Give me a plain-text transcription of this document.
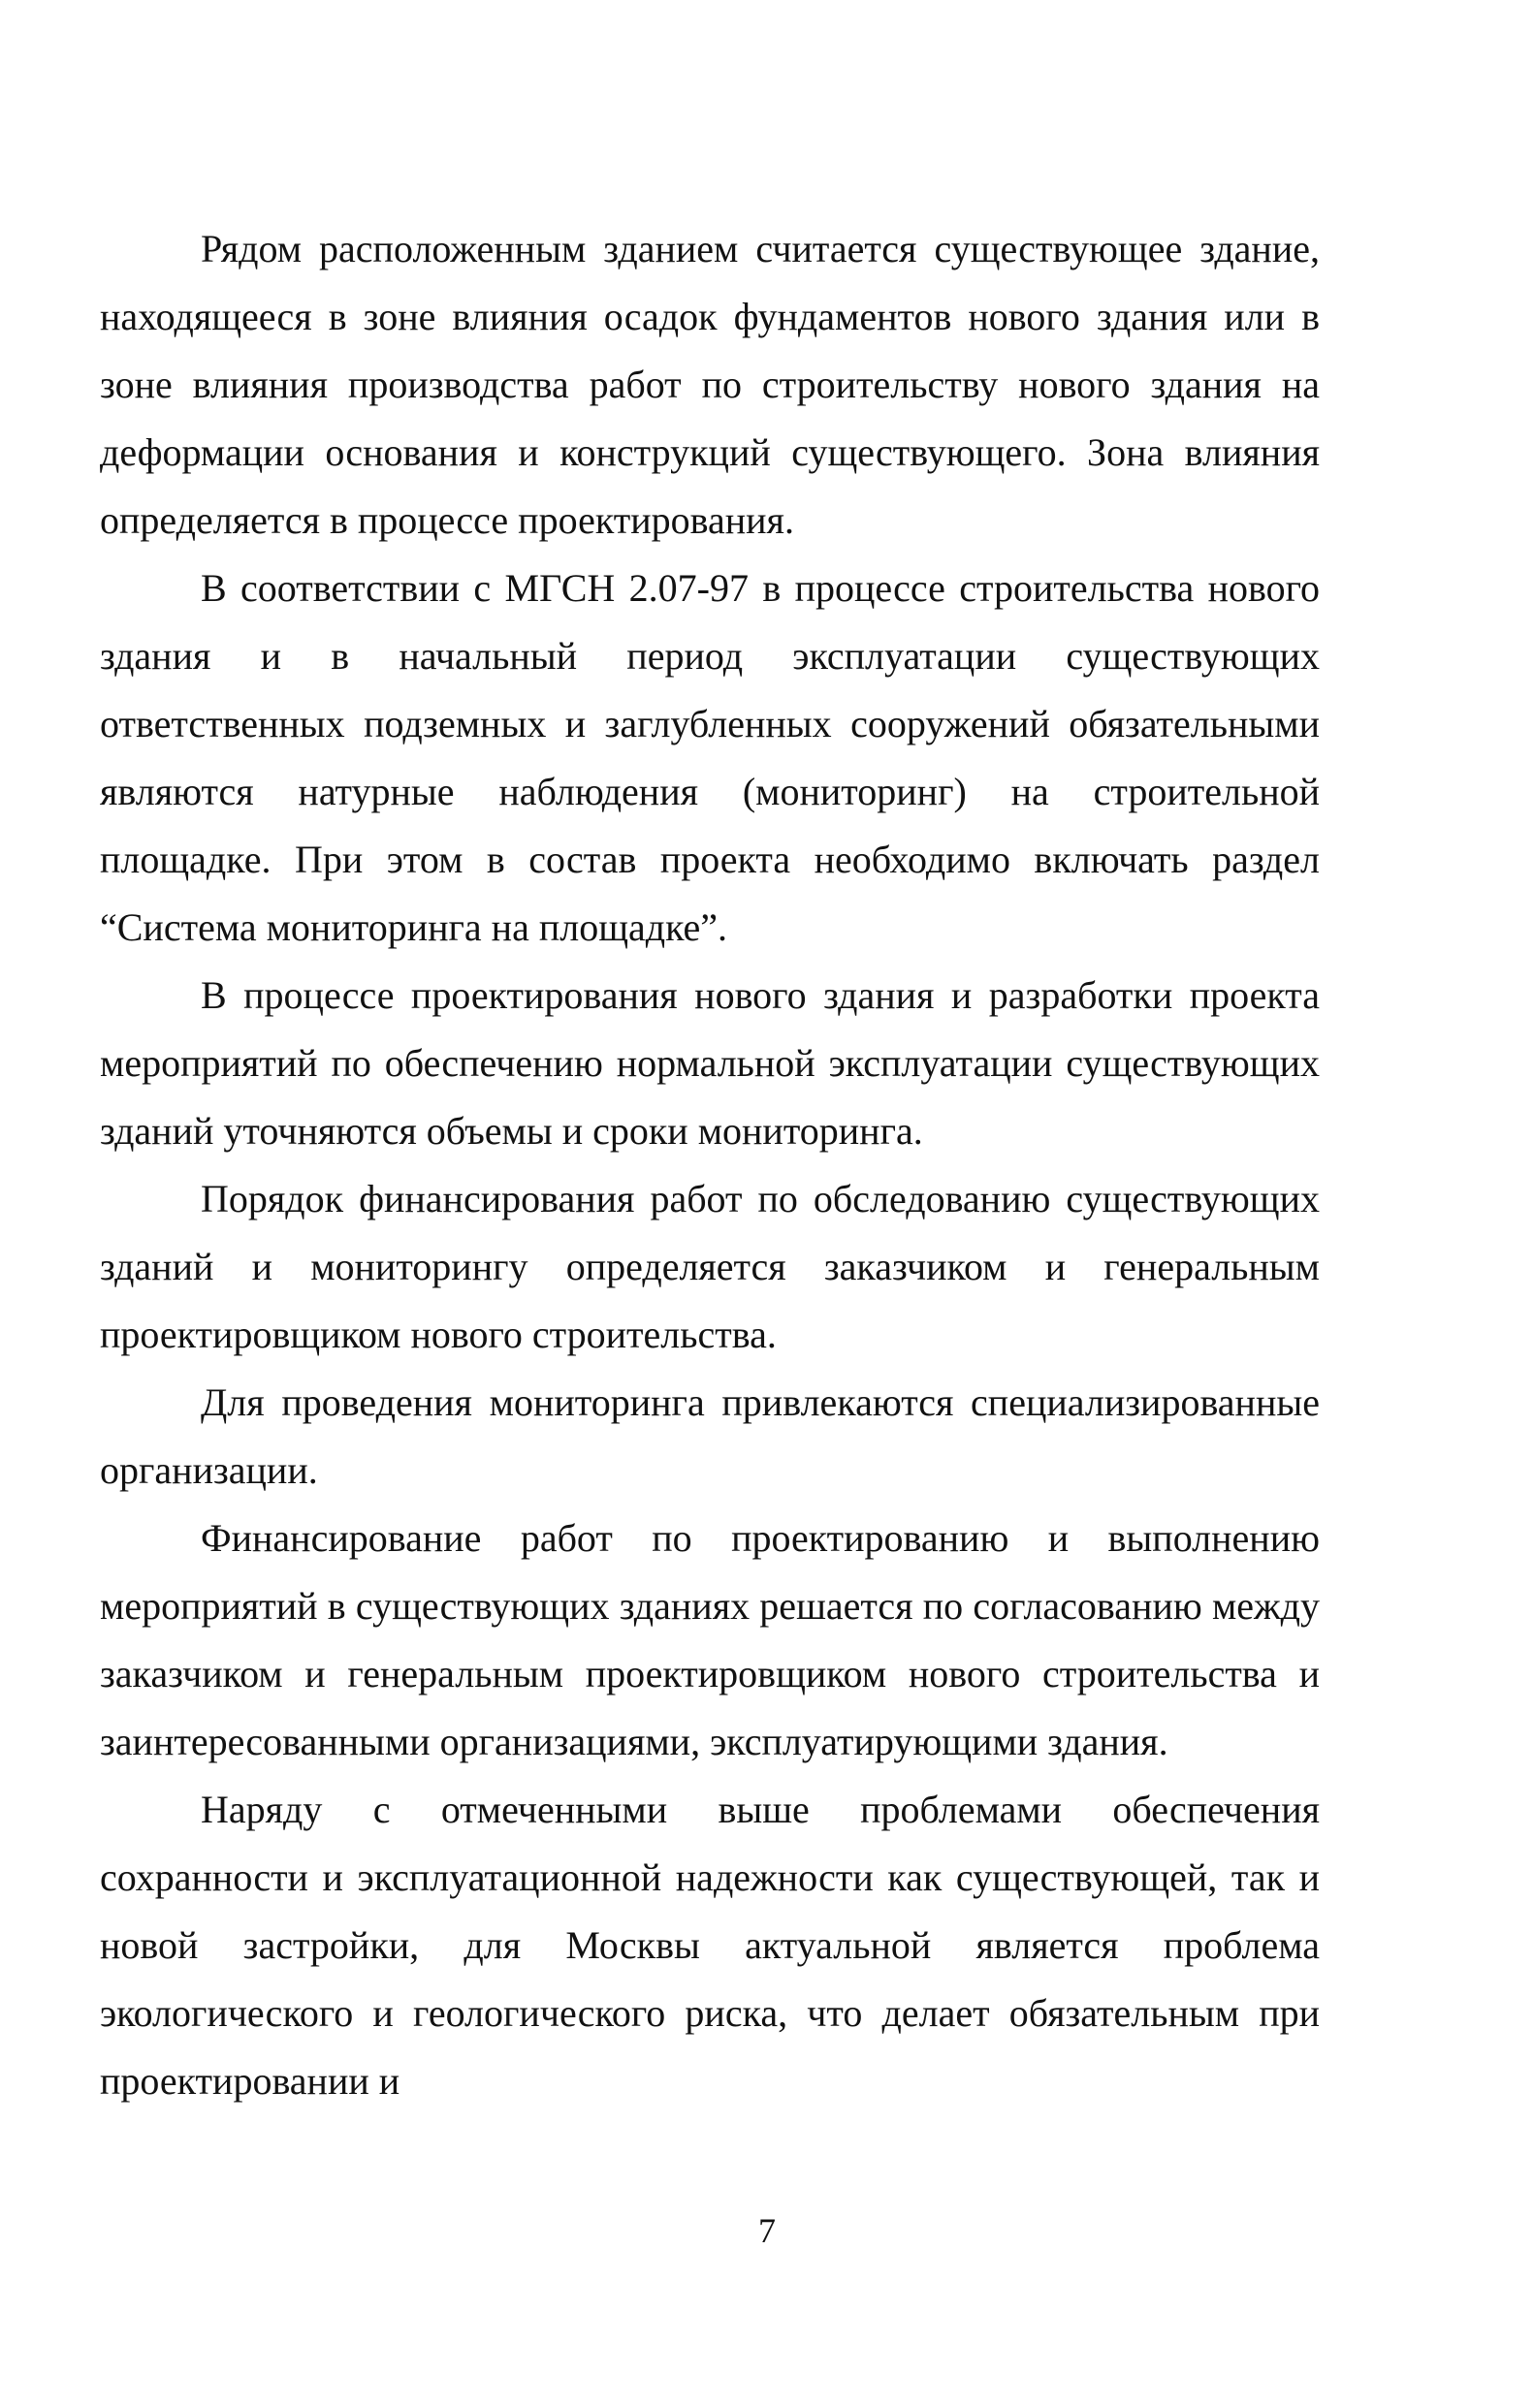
Рядом расположенным зданием считается существующее здание, находящееся в зоне влияния осадок фундаментов нового здания или в зоне влияния производства работ по строительству нового здания на деформации основания и конструкций существующего. Зона влияния определяется в процессе проектирования.

В соответствии с МГСН 2.07-97 в процессе строительства нового здания и в начальный период эксплуатации существующих ответственных подземных и заглубленных сооружений обязательными являются натурные наблюдения (мониторинг) на строительной площадке. При этом в состав проекта необходимо включать раздел “Система мониторинга на площадке”.

В процессе проектирования нового здания и разработки проекта мероприятий по обеспечению нормальной эксплуатации существующих зданий уточняются объемы и сроки мониторинга.

Порядок финансирования работ по обследованию существующих зданий и мониторингу определяется заказчиком и генеральным проектировщиком нового строительства.

Для проведения мониторинга привлекаются специализированные организации.

Финансирование работ по проектированию и выполнению мероприятий в существующих зданиях решается по согласованию между заказчиком и генеральным проектировщиком нового строительства и заинтересованными организациями, эксплуатирующими здания.

Наряду с отмеченными выше проблемами обеспечения сохранности и эксплуатационной надежности как существующей, так и новой застройки, для Москвы актуальной является проблема экологического и геологического риска, что делает обязательным при проектировании и

7
